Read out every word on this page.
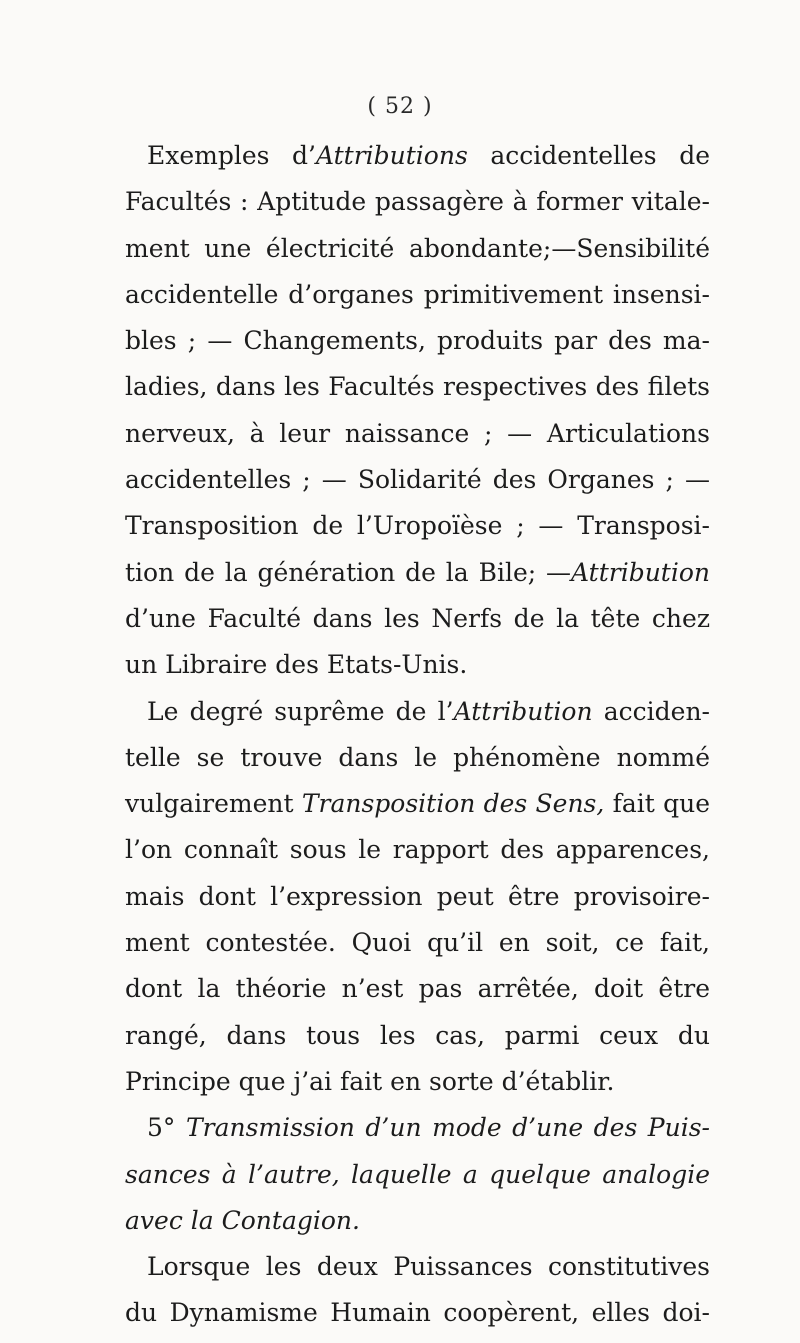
( 52 )
Exemples d’Attributions accidentelles de
Facultés : Aptitude passagère à former vitale-
ment une électricité abondante;—Sensibilité
accidentelle d’organes primitivement insensi-
bles ; — Changements, produits par des ma-
ladies, dans les Facultés respectives des filets
nerveux, à leur naissance ; — Articulations
accidentelles ; — Solidarité des Organes ; —
Transposition de l’Uropoïèse ; — Transposi-
tion de la génération de la Bile; —Attribution
d’une Faculté dans les Nerfs de la tête chez
un Libraire des Etats-Unis.
Le degré suprême de l’Attribution acciden-
telle se trouve dans le phénomène nommé
vulgairement Transposition des Sens, fait que
l’on connaît sous le rapport des apparences,
mais dont l’expression peut être provisoire-
ment contestée. Quoi qu’il en soit, ce fait,
dont la théorie n’est pas arrêtée, doit être
rangé, dans tous les cas, parmi ceux du
Principe que j’ai fait en sorte d’établir.
5° Transmission d’un mode d’une des Puis-
sances à l’autre, laquelle a quelque analogie
avec la Contagion.
Lorsque les deux Puissances constitutives
du Dynamisme Humain coopèrent, elles doi-
